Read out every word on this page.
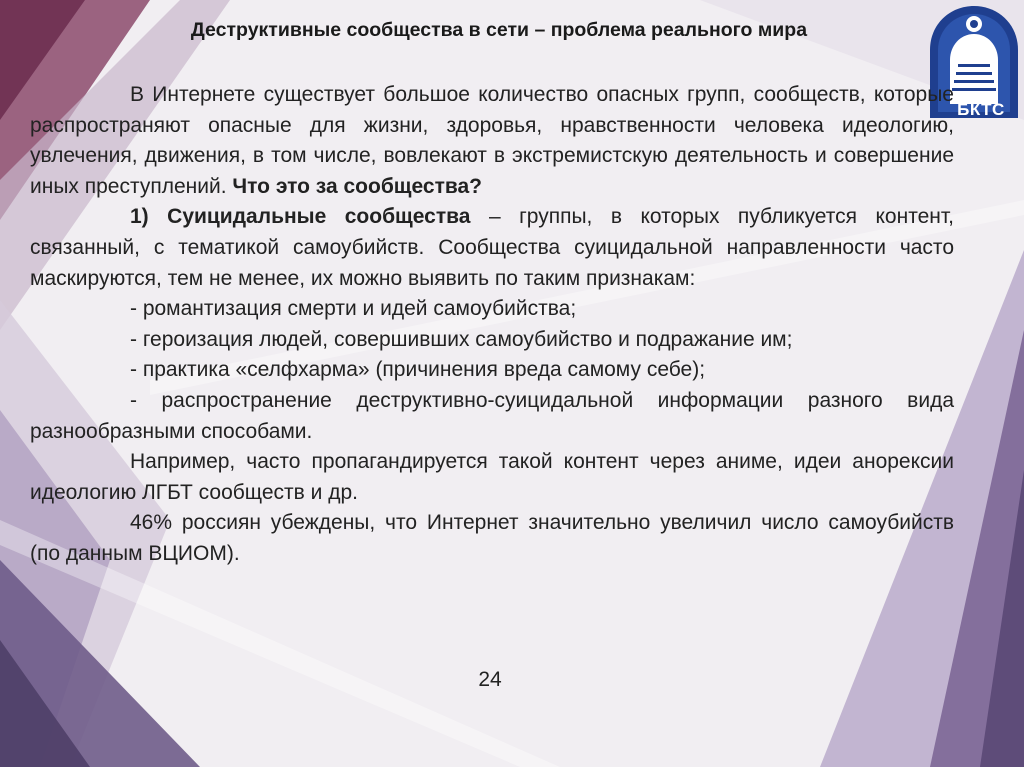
БКТС
Деструктивные сообщества в сети – проблема реального мира

В Интернете существует большое количество опасных групп, сообществ, которые распространяют опасные для жизни, здоровья, нравственности человека идеологию, увлечения, движения, в том числе, вовлекают в экстремистскую деятельность и совершение иных преступлений. Что это за сообщества?

1) Суицидальные сообщества – группы, в которых публикуется контент, связанный, с тематикой самоубийств. Сообщества суицидальной направленности часто маскируются, тем не менее, их можно выявить по таким признакам:

- романтизация смерти и идей самоубийства;

- героизация людей, совершивших самоубийство и подражание им;

- практика «селфхарма» (причинения вреда самому себе);

- распространение деструктивно-суицидальной информации разного вида разнообразными способами.

Например, часто пропагандируется такой контент через аниме, идеи анорексии идеологию ЛГБТ сообществ и др.

46% россиян убеждены, что Интернет значительно увеличил число самоубийств (по данным ВЦИОМ).

24
